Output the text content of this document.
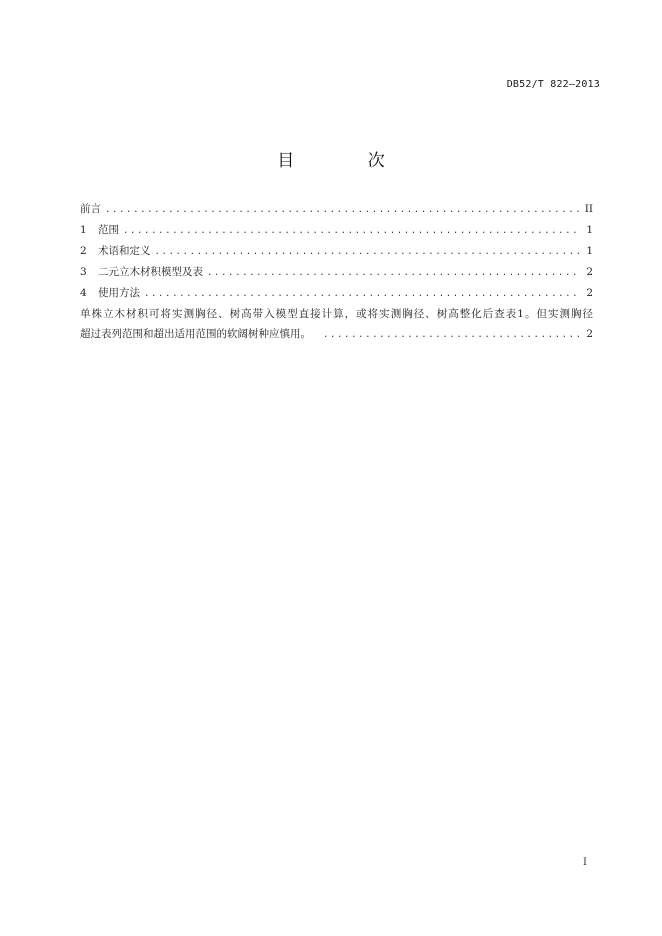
DB52/T 822—2013
目 次
前言 .....	II
1	范围 .....	1
2	术语和定义 .....	1
3	二元立木材积模型及表 .....	2
4	使用方法 .....	2
单株立木材积可将实测胸径、树高带入模型直接计算，或将实测胸径、树高整化后查表1。但实测胸径
超过表列范围和超出适用范围的软阔树种应慎用。 .....	2
I
